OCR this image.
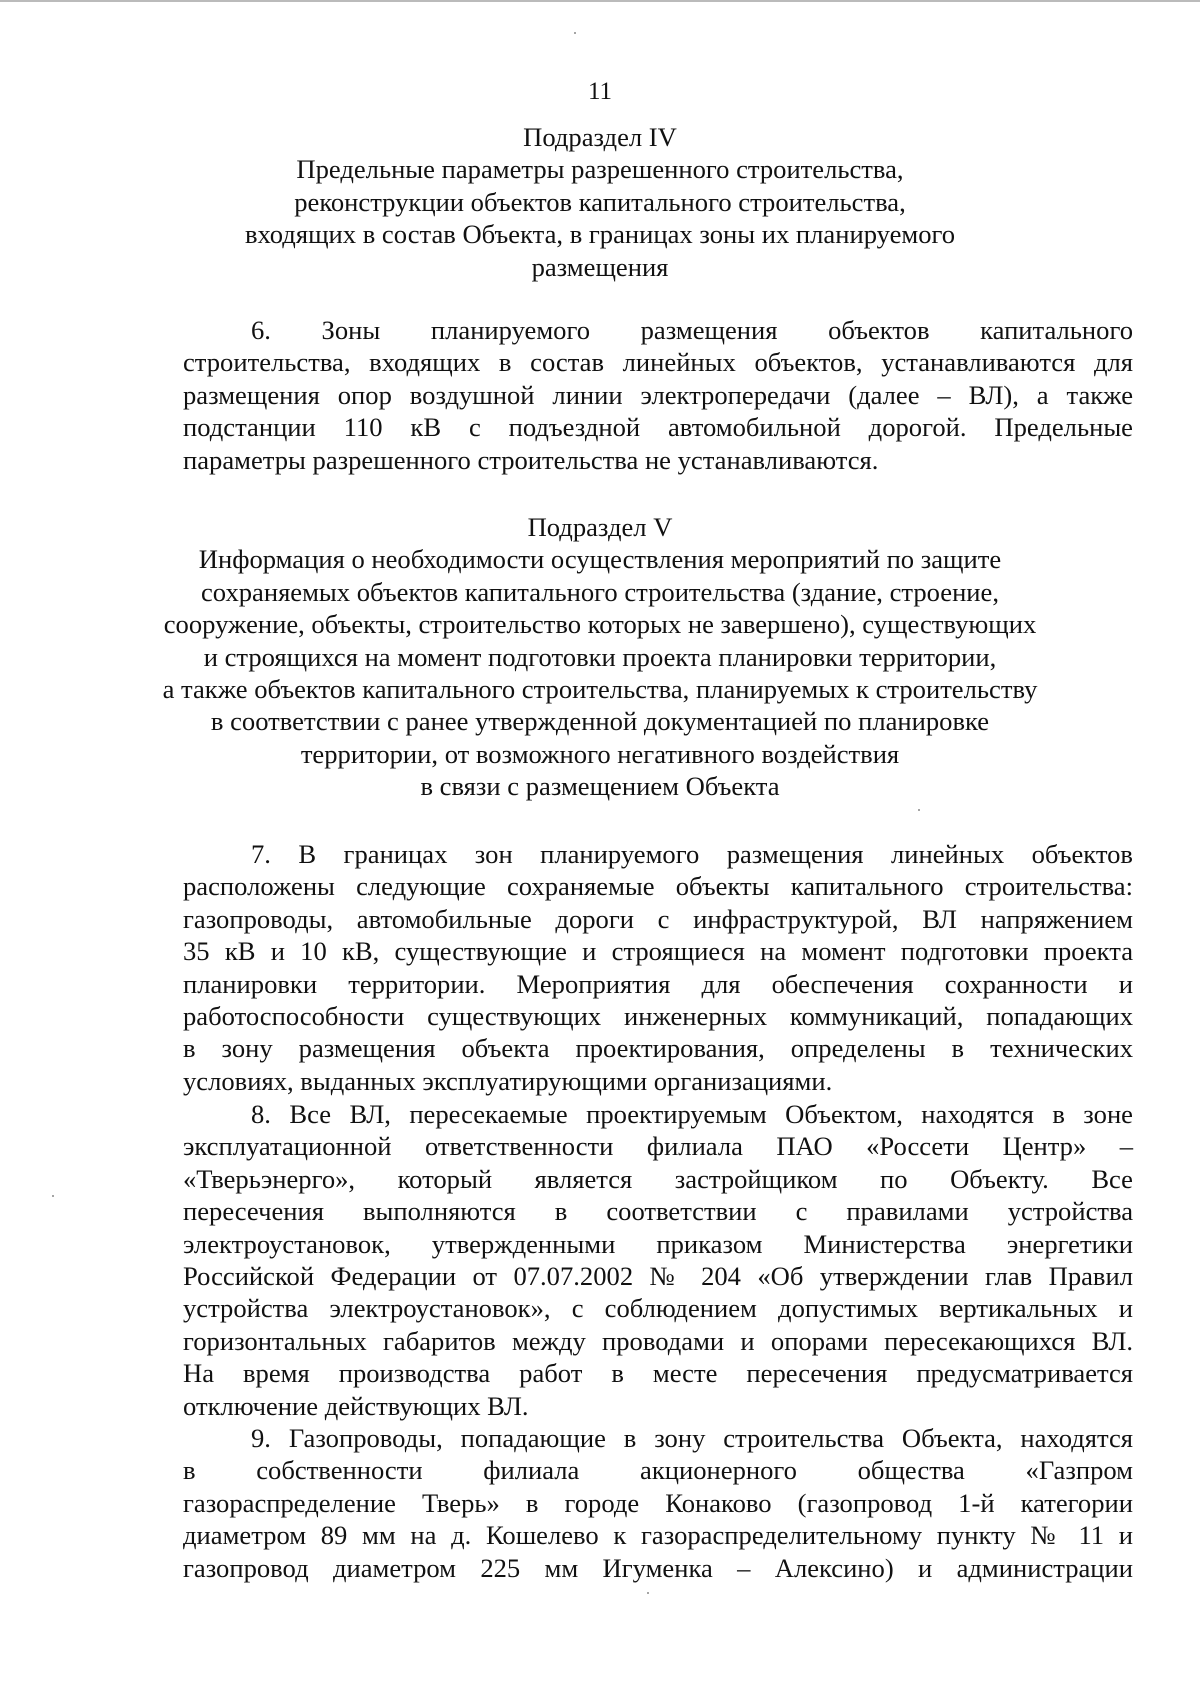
11
Подраздел IV
Предельные параметры разрешенного строительства,
реконструкции объектов капитального строительства,
входящих в состав Объекта, в границах зоны их планируемого
размещения
6. Зоны планируемого размещения объектов капитального
строительства, входящих в состав линейных объектов, устанавливаются для
размещения опор воздушной линии электропередачи (далее – ВЛ), а также
подстанции 110 кВ с подъездной автомобильной дорогой. Предельные
параметры разрешенного строительства не устанавливаются.
Подраздел V
Информация о необходимости осуществления мероприятий по защите
сохраняемых объектов капитального строительства (здание, строение,
сооружение, объекты, строительство которых не завершено), существующих
и строящихся на момент подготовки проекта планировки территории,
а также объектов капитального строительства, планируемых к строительству
в соответствии с ранее утвержденной документацией по планировке
территории, от возможного негативного воздействия
в связи с размещением Объекта
7. В границах зон планируемого размещения линейных объектов
расположены следующие сохраняемые объекты капитального строительства:
газопроводы, автомобильные дороги с инфраструктурой, ВЛ напряжением
35 кВ и 10 кВ, существующие и строящиеся на момент подготовки проекта
планировки территории. Мероприятия для обеспечения сохранности и
работоспособности существующих инженерных коммуникаций, попадающих
в зону размещения объекта проектирования, определены в технических
условиях, выданных эксплуатирующими организациями.
8. Все ВЛ, пересекаемые проектируемым Объектом, находятся в зоне
эксплуатационной ответственности филиала ПАО «Россети Центр» –
«Тверьэнерго», который является застройщиком по Объекту. Все
пересечения выполняются в соответствии с правилами устройства
электроустановок, утвержденными приказом Министерства энергетики
Российской Федерации от 07.07.2002 № 204 «Об утверждении глав Правил
устройства электроустановок», с соблюдением допустимых вертикальных и
горизонтальных габаритов между проводами и опорами пересекающихся ВЛ.
На время производства работ в месте пересечения предусматривается
отключение действующих ВЛ.
9. Газопроводы, попадающие в зону строительства Объекта, находятся
в собственности филиала акционерного общества «Газпром
газораспределение Тверь» в городе Конаково (газопровод 1-й категории
диаметром 89 мм на д. Кошелево к газораспределительному пункту № 11 и
газопровод диаметром 225 мм Игуменка – Алексино) и администрации
